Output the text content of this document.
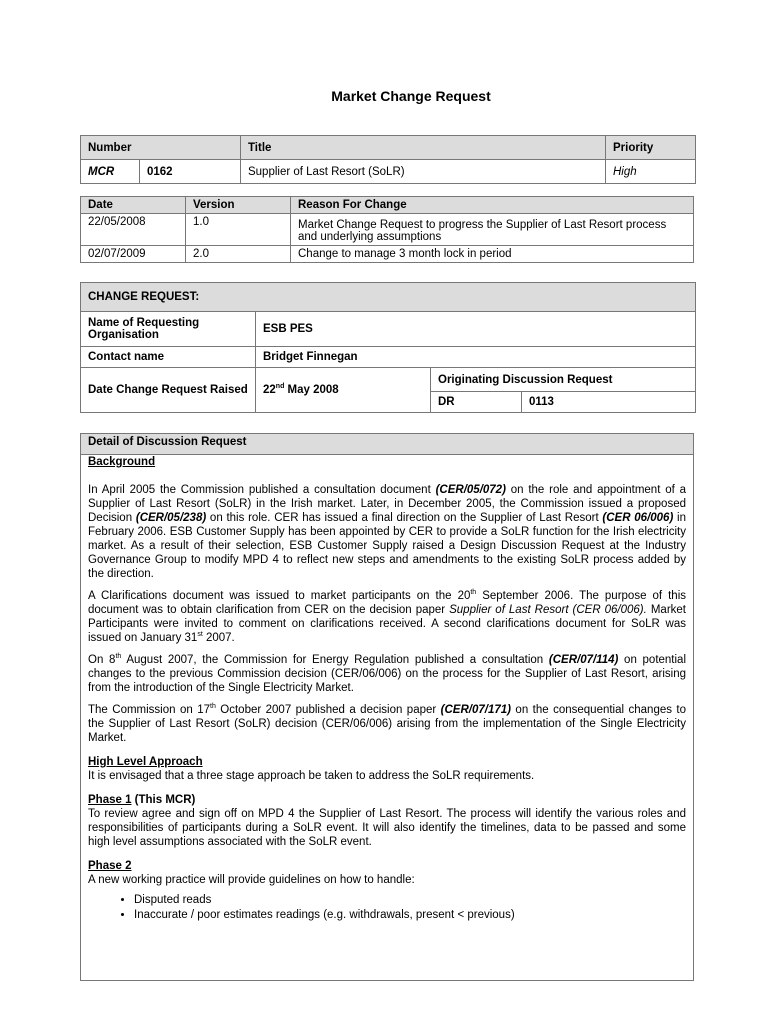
Market Change Request
Number		Title	Priority
MCR	0162	Supplier of Last Resort (SoLR)	High
Date	Version	Reason For Change
22/05/2008	1.0	Market Change Request to progress the Supplier of Last Resort process and underlying assumptions
02/07/2009	2.0	Change to manage 3 month lock in period
CHANGE REQUEST:			
Name of Requesting Organisation	ESB PES		
Contact name	Bridget Finnegan		
Date Change Request Raised	22nd May 2008	Originating Discussion Request	
		DR	0113
Detail of Discussion Request

Background

In April 2005 the Commission published a consultation document (CER/05/072) on the role and appointment of a Supplier of Last Resort (SoLR) in the Irish market. Later, in December 2005, the Commission issued a proposed Decision (CER/05/238) on this role. CER has issued a final direction on the Supplier of Last Resort (CER 06/006) in February 2006. ESB Customer Supply has been appointed by CER to provide a SoLR function for the Irish electricity market. As a result of their selection, ESB Customer Supply raised a Design Discussion Request at the Industry Governance Group to modify MPD 4 to reflect new steps and amendments to the existing SoLR process added by the direction.

A Clarifications document was issued to market participants on the 20th September 2006. The purpose of this document was to obtain clarification from CER on the decision paper Supplier of Last Resort (CER 06/006). Market Participants were invited to comment on clarifications received. A second clarifications document for SoLR was issued on January 31st 2007.

On 8th August 2007, the Commission for Energy Regulation published a consultation (CER/07/114) on potential changes to the previous Commission decision (CER/06/006) on the process for the Supplier of Last Resort, arising from the introduction of the Single Electricity Market.

The Commission on 17th October 2007 published a decision paper (CER/07/171) on the consequential changes to the Supplier of Last Resort (SoLR) decision (CER/06/006) arising from the implementation of the Single Electricity Market.

High Level Approach
It is envisaged that a three stage approach be taken to address the SoLR requirements.

Phase 1 (This MCR)
To review agree and sign off on MPD 4 the Supplier of Last Resort. The process will identify the various roles and responsibilities of participants during a SoLR event. It will also identify the timelines, data to be passed and some high level assumptions associated with the SoLR event.

Phase 2
A new working practice will provide guidelines on how to handle:

• Disputed reads
• Inaccurate / poor estimates readings (e.g. withdrawals, present < previous)
